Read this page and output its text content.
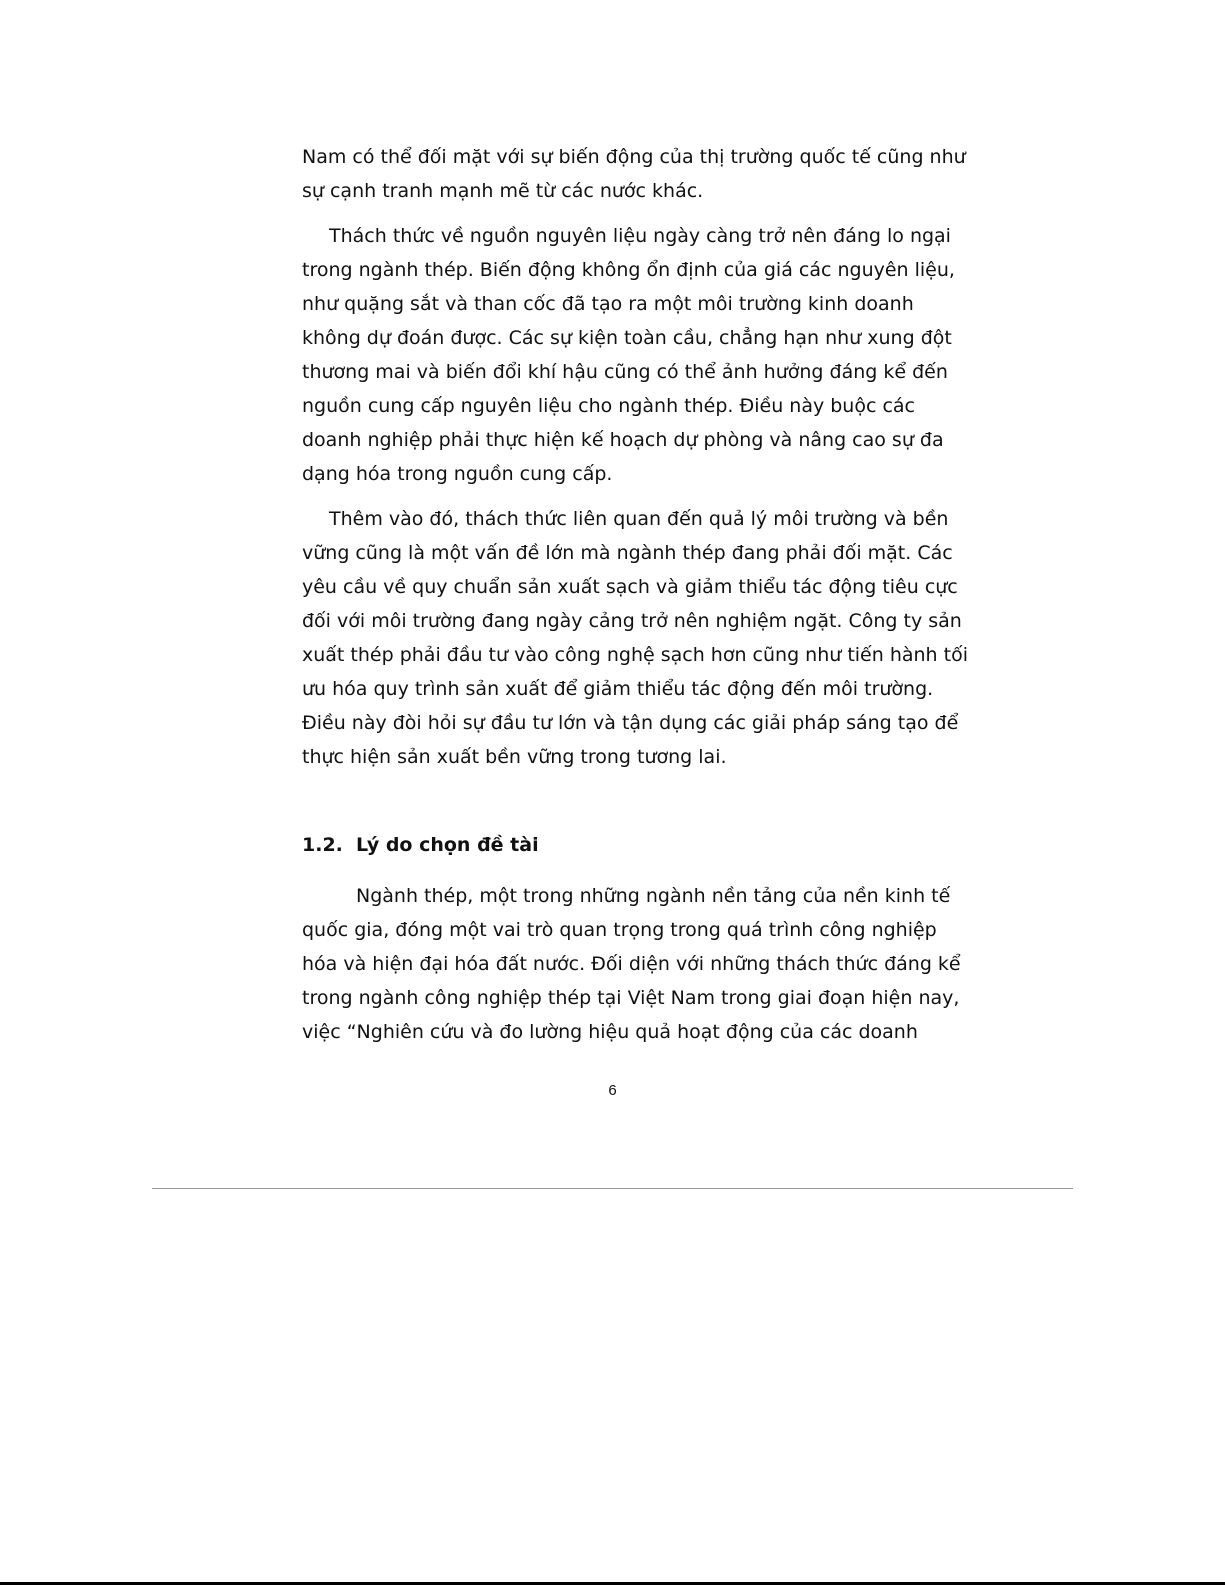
Nam có thể đối mặt với sự biến động của thị trường quốc tế cũng như

sự cạnh tranh mạnh mẽ từ các nước khác.

Thách thức về nguồn nguyên liệu ngày càng trở nên đáng lo ngại

trong ngành thép. Biến động không ổn định của giá các nguyên liệu,

như quặng sắt và than cốc đã tạo ra một môi trường kinh doanh

không dự đoán được. Các sự kiện toàn cầu, chẳng hạn như xung đột

thương mai và biến đổi khí hậu cũng có thể ảnh hưởng đáng kể đến

nguồn cung cấp nguyên liệu cho ngành thép. Điều này buộc các

doanh nghiệp phải thực hiện kế hoạch dự phòng và nâng cao sự đa

dạng hóa trong nguồn cung cấp.

Thêm vào đó, thách thức liên quan đến quả lý môi trường và bền

vững cũng là một vấn đề lớn mà ngành thép đang phải đối mặt. Các

yêu cầu về quy chuẩn sản xuất sạch và giảm thiểu tác động tiêu cực

đối với môi trường đang ngày cảng trở nên nghiệm ngặt. Công ty sản

xuất thép phải đầu tư vào công nghệ sạch hơn cũng như tiến hành tối

ưu hóa quy trình sản xuất để giảm thiểu tác động đến môi trường.

Điều này đòi hỏi sự đầu tư lớn và tận dụng các giải pháp sáng tạo để

thực hiện sản xuất bền vững trong tương lai.

1.2. Lý do chọn đề tài

Ngành thép, một trong những ngành nền tảng của nền kinh tế

quốc gia, đóng một vai trò quan trọng trong quá trình công nghiệp

hóa và hiện đại hóa đất nước. Đối diện với những thách thức đáng kể

trong ngành công nghiệp thép tại Việt Nam trong giai đoạn hiện nay,

việc “Nghiên cứu và đo lường hiệu quả hoạt động của các doanh

6
